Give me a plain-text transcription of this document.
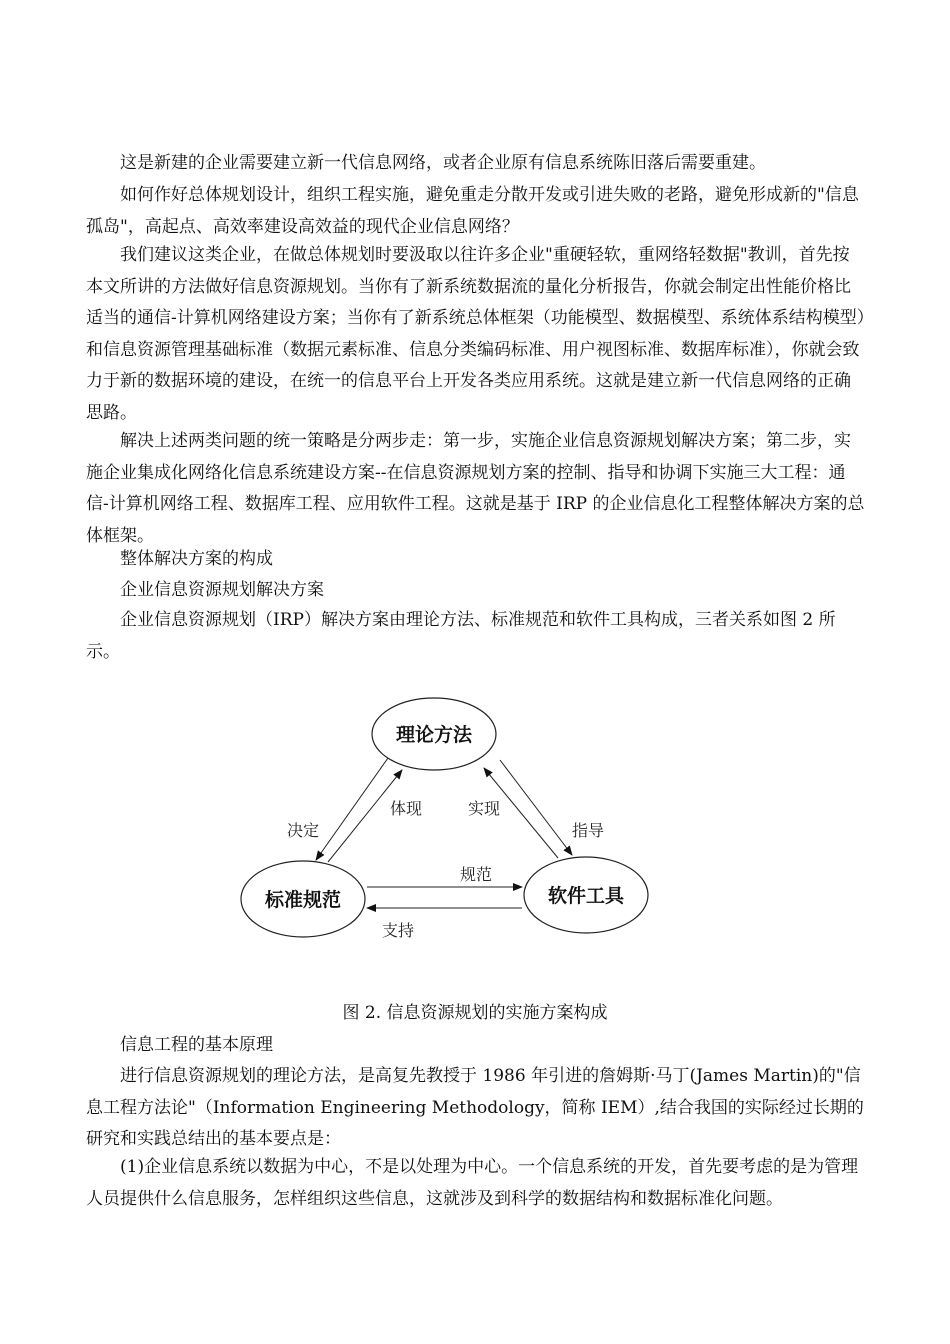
这是新建的企业需要建立新一代信息网络，或者企业原有信息系统陈旧落后需要重建。

如何作好总体规划设计，组织工程实施，避免重走分散开发或引进失败的老路，避免形成新的"信息孤岛"，高起点、高效率建设高效益的现代企业信息网络？

我们建议这类企业，在做总体规划时要汲取以往许多企业"重硬轻软，重网络轻数据"教训，首先按本文所讲的方法做好信息资源规划。当你有了新系统数据流的量化分析报告，你就会制定出性能价格比适当的通信-计算机网络建设方案；当你有了新系统总体框架（功能模型、数据模型、系统体系结构模型）和信息资源管理基础标准（数据元素标准、信息分类编码标准、用户视图标准、数据库标准），你就会致力于新的数据环境的建设，在统一的信息平台上开发各类应用系统。这就是建立新一代信息网络的正确思路。

解决上述两类问题的统一策略是分两步走：第一步，实施企业信息资源规划解决方案；第二步，实施企业集成化网络化信息系统建设方案--在信息资源规划方案的控制、指导和协调下实施三大工程：通信-计算机网络工程、数据库工程、应用软件工程。这就是基于 IRP 的企业信息化工程整体解决方案的总体框架。

整体解决方案的构成

企业信息资源规划解决方案

企业信息资源规划（IRP）解决方案由理论方法、标准规范和软件工具构成，三者关系如图 2 所示。

理论方法
标准规范	软件工具
决定
体现	实现
指导
规范
支持
图 2. 信息资源规划的实施方案构成

信息工程的基本原理

进行信息资源规划的理论方法，是高复先教授于 1986 年引进的詹姆斯·马丁(James Martin)的"信息工程方法论"（Information Engineering Methodology，简称 IEM）,结合我国的实际经过长期的研究和实践总结出的基本要点是：

(1)企业信息系统以数据为中心，不是以处理为中心。一个信息系统的开发，首先要考虑的是为管理人员提供什么信息服务，怎样组织这些信息，这就涉及到科学的数据结构和数据标准化问题。
